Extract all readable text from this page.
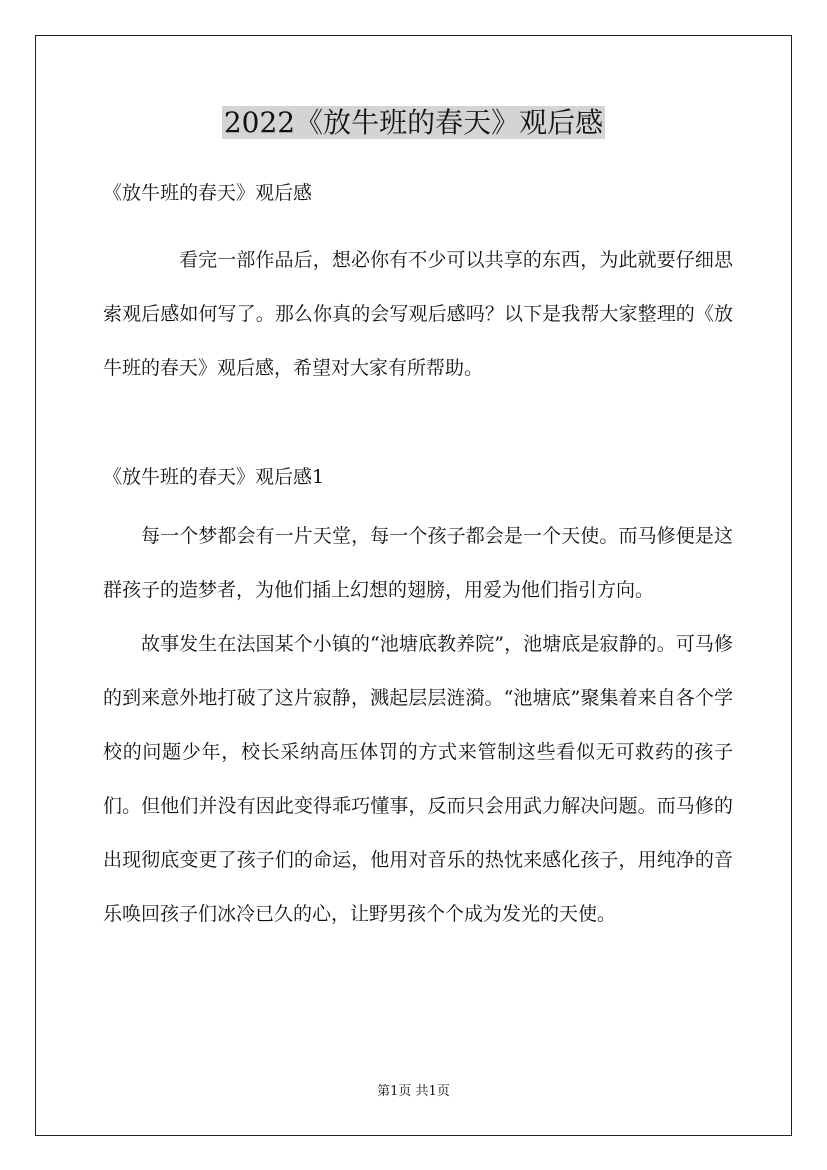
2022《放牛班的春天》观后感

《放牛班的春天》观后感

看完一部作品后，想必你有不少可以共享的东西，为此就要仔细思索观后感如何写了。那么你真的会写观后感吗？以下是我帮大家整理的《放牛班的春天》观后感，希望对大家有所帮助。

《放牛班的春天》观后感1

每一个梦都会有一片天堂，每一个孩子都会是一个天使。而马修便是这群孩子的造梦者，为他们插上幻想的翅膀，用爱为他们指引方向。

故事发生在法国某个小镇的“池塘底教养院”，池塘底是寂静的。可马修的到来意外地打破了这片寂静，溅起层层涟漪。“池塘底”聚集着来自各个学校的问题少年，校长采纳高压体罚的方式来管制这些看似无可救药的孩子们。但他们并没有因此变得乖巧懂事，反而只会用武力解决问题。而马修的出现彻底变更了孩子们的命运，他用对音乐的热忱来感化孩子，用纯净的音乐唤回孩子们冰冷已久的心，让野男孩个个成为发光的天使。

第1页 共1页
